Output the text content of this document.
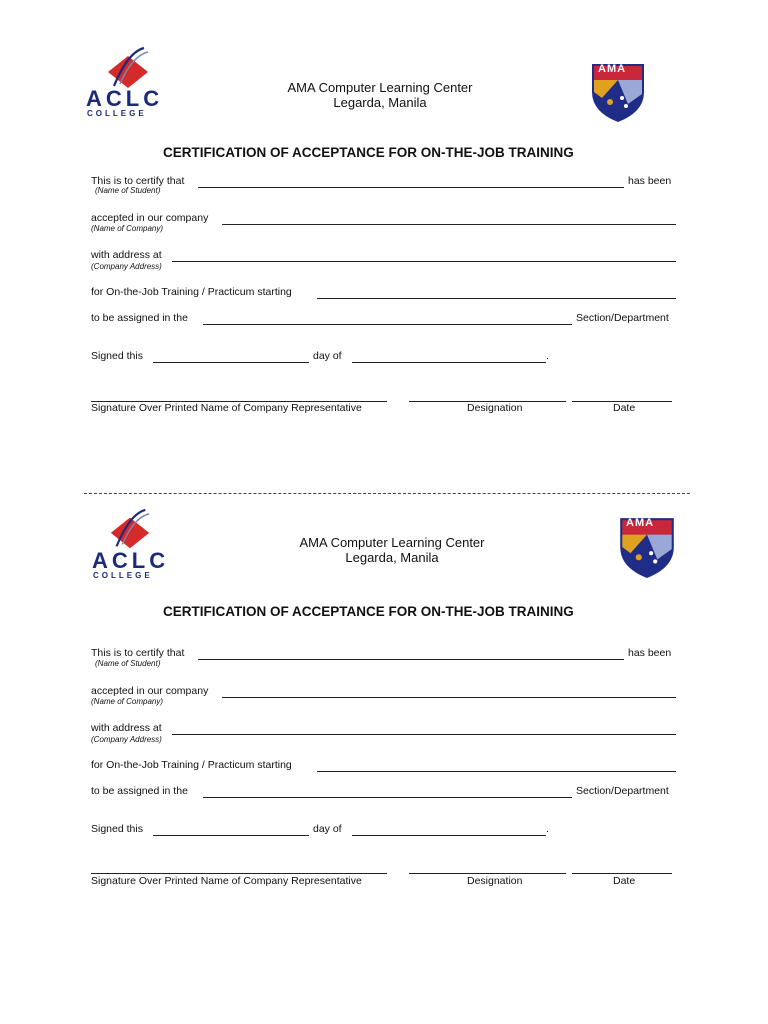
ACLC
COLLEGE
AMA Computer Learning Center
Legarda, Manila
AMA
CERTIFICATION OF ACCEPTANCE FOR ON-THE-JOB TRAINING
This is to certify that	has been
(Name of Student)
accepted in our company
(Name of Company)
with address at
(Company Address)
for On-the-Job Training / Practicum starting
to be assigned in the	Section/Department
Signed this	day of	.
Signature Over Printed Name of Company Representative	Designation	Date
ACLC
COLLEGE
AMA Computer Learning Center
Legarda, Manila
AMA
CERTIFICATION OF ACCEPTANCE FOR ON-THE-JOB TRAINING
This is to certify that	has been
(Name of Student)
accepted in our company
(Name of Company)
with address at
(Company Address)
for On-the-Job Training / Practicum starting
to be assigned in the	Section/Department
Signed this	day of	.
Signature Over Printed Name of Company Representative	Designation	Date
